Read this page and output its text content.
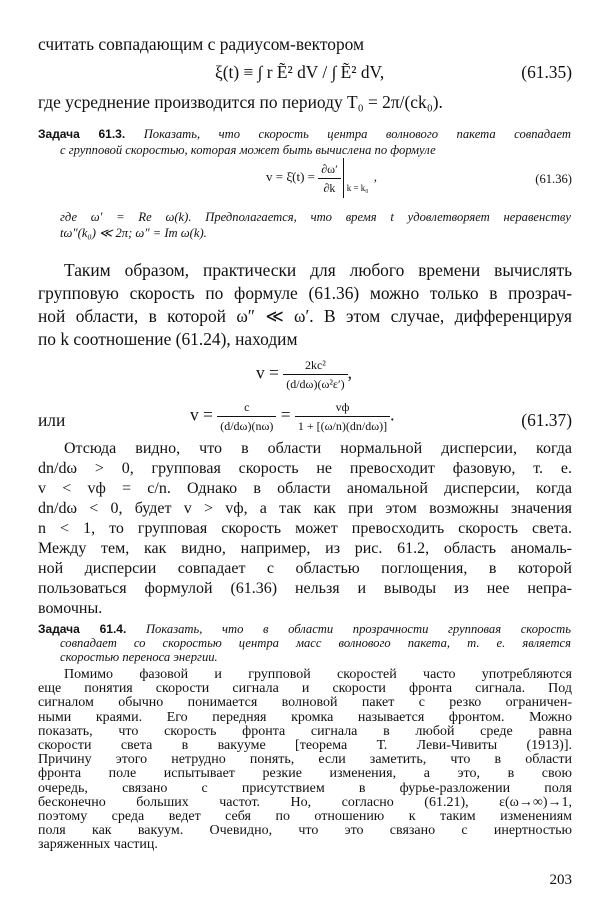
считать совпадающим с радиусом-вектором
ξ(t) ≡ ∫ r Ẽ² dV / ∫ Ẽ² dV,	(61.35)
где усреднение производится по периоду T₀ = 2π/(ck₀).
Задача 61.3. Показать, что скорость центра волнового пакета совпадает
с групповой скоростью, которая может быть вычислена по формуле
v = ξ̇(t) = $\frac{\partial\omega'}{\partial k}$ k = k₀
,	(61.36)
где ω′ = Re ω(k). Предполагается, что время t удовлетворяет неравенству
tω″(k₀) ≪ 2π; ω″ = Im ω(k).
Таким образом, практически для любого времени вычислять
групповую скорость по формуле (61.36) можно только в прозрач-
ной области, в которой ω″ ≪ ω′. В этом случае, дифференцируя
по k соотношение (61.24), находим
$v = \frac{\text{2kc²}}{\text{(d/dω)(ω²ε′)}}$ ,
или	$v = \frac{c}{(d/d\omega)(n\omega)} = \frac{vф}{1 + [(\omega/n)(dn/d\omega)]}$ .	(61.37)
Отсюда видно, что в области нормальной дисперсии, когда
dn/dω > 0, групповая скорость не превосходит фазовую, т. е.
v < vф = c/n. Однако в области аномальной дисперсии, когда
dn/dω < 0, будет v > vф, а так как при этом возможны значения
n < 1, то групповая скорость может превосходить скорость света.
Между тем, как видно, например, из рис. 61.2, область аномаль-
ной дисперсии совпадает с областью поглощения, в которой
пользоваться формулой (61.36) нельзя и выводы из нее непра-
вомочны.
Задача 61.4. Показать, что в области прозрачности групповая скорость
совпадает со скоростью центра масс волнового пакета, т. е. является
скоростью переноса энергии.
203
Помимо фазовой и групповой скоростей часто употребляются
еще понятия скорости сигнала и скорости фронта сигнала. Под
сигналом обычно понимается волновой пакет с резко ограничен-
ными краями. Его передняя кромка называется фронтом. Можно
показать, что скорость фронта сигнала в любой среде равна
скорости света в вакууме [теорема Т. Леви-Чивиты (1913)].
Причину этого нетрудно понять, если заметить, что в области
фронта поле испытывает резкие изменения, а это, в свою
очередь, связано с присутствием в фурье-разложении поля
бесконечно больших частот. Но, согласно (61.21), ε(ω→∞)→1,
поэтому среда ведет себя по отношению к таким изменениям
поля как вакуум. Очевидно, что это связано с инертностью
заряженных частиц.
